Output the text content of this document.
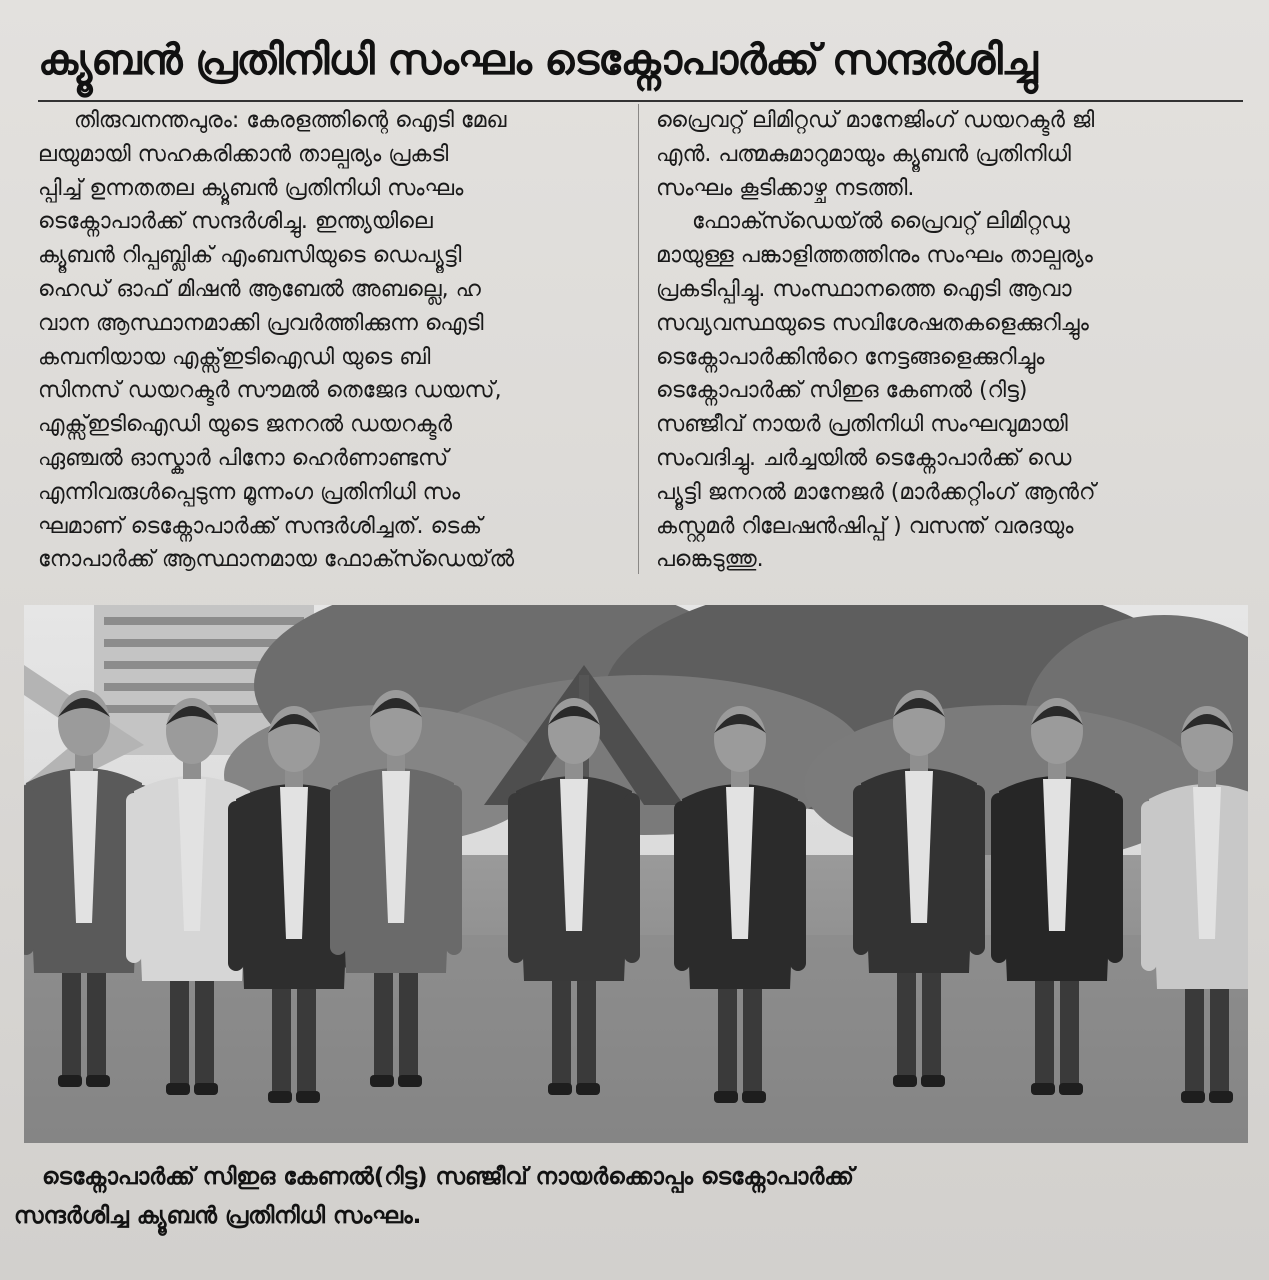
ക്യൂബൻ പ്രതിനിധി സംഘം ടെക്നോപാർക്ക് സന്ദർശിച്ചു
തിരുവനന്തപുരം: കേരളത്തിന്റെ ഐടി മേഖ
ലയുമായി സഹകരിക്കാൻ താല്പര്യം പ്രകടി
പ്പിച്ച് ഉന്നതതല ക്യൂബൻ പ്രതിനിധി സംഘം
ടെക്നോപാർക്ക് സന്ദർശിച്ചു. ഇന്ത്യയിലെ
ക്യൂബൻ റിപ്പബ്ലിക് എംബസിയുടെ ഡെപ്യൂട്ടി
ഹെഡ് ഓഫ് മിഷൻ ആബേൽ അബല്ലെ, ഹ
വാന ആസ്ഥാനമാക്കി പ്രവർത്തിക്കുന്ന ഐടി
കമ്പനിയായ എക്സ്ഇടിഐഡി യുടെ ബി
സിനസ് ഡയറക്ടർ സൗമൽ തെജേദ ഡയസ്,
എക്സ്ഇടിഐഡി യുടെ ജനറൽ ഡയറക്ടർ
ഏഞ്ചൽ ഓസ്കാർ പിനോ ഹെർണാണ്ടസ്
എന്നിവരുൾപ്പെടുന്ന മൂന്നംഗ പ്രതിനിധി സം
ഘമാണ് ടെക്നോപാർക്ക് സന്ദർശിച്ചത്. ടെക്
നോപാർക്ക് ആസ്ഥാനമായ ഫോക്സ്ഡെയ്ൽ
പ്രൈവറ്റ് ലിമിറ്റഡ് മാനേജിംഗ് ഡയറക്ടർ ജി
എൻ. പത്മകുമാറുമായും ക്യൂബൻ പ്രതിനിധി
സംഘം കൂടിക്കാഴ്ച നടത്തി.
ഫോക്സ്ഡെയ്ൽ പ്രൈവറ്റ് ലിമിറ്റഡു
മായുള്ള പങ്കാളിത്തത്തിനും സംഘം താല്പര്യം
പ്രകടിപ്പിച്ചു. സംസ്ഥാനത്തെ ഐടി ആവാ
സവ്യവസ്ഥയുടെ സവിശേഷതകളെക്കുറിച്ചും
ടെക്നോപാർക്കിൻറെ നേട്ടങ്ങളെക്കുറിച്ചും
ടെക്നോപാർക്ക് സിഇഒ കേണൽ (റിട്ട)
സഞ്ജീവ് നായർ പ്രതിനിധി സംഘവുമായി
സംവദിച്ചു. ചർച്ചയിൽ ടെക്നോപാർക്ക് ഡെ
പ്യൂട്ടി ജനറൽ മാനേജർ (മാർക്കറ്റിംഗ് ആൻറ്
കസ്റ്റമർ റിലേഷൻഷിപ്പ് ) വസന്ത് വരദയും
പങ്കെടുത്തു.
ടെക്നോപാർക്ക് സിഇഒ കേണൽ(റിട്ട) സഞ്ജീവ് നായർക്കൊപ്പം ടെക്നോപാർക്ക്
സന്ദർശിച്ച ക്യൂബൻ പ്രതിനിധി സംഘം.
